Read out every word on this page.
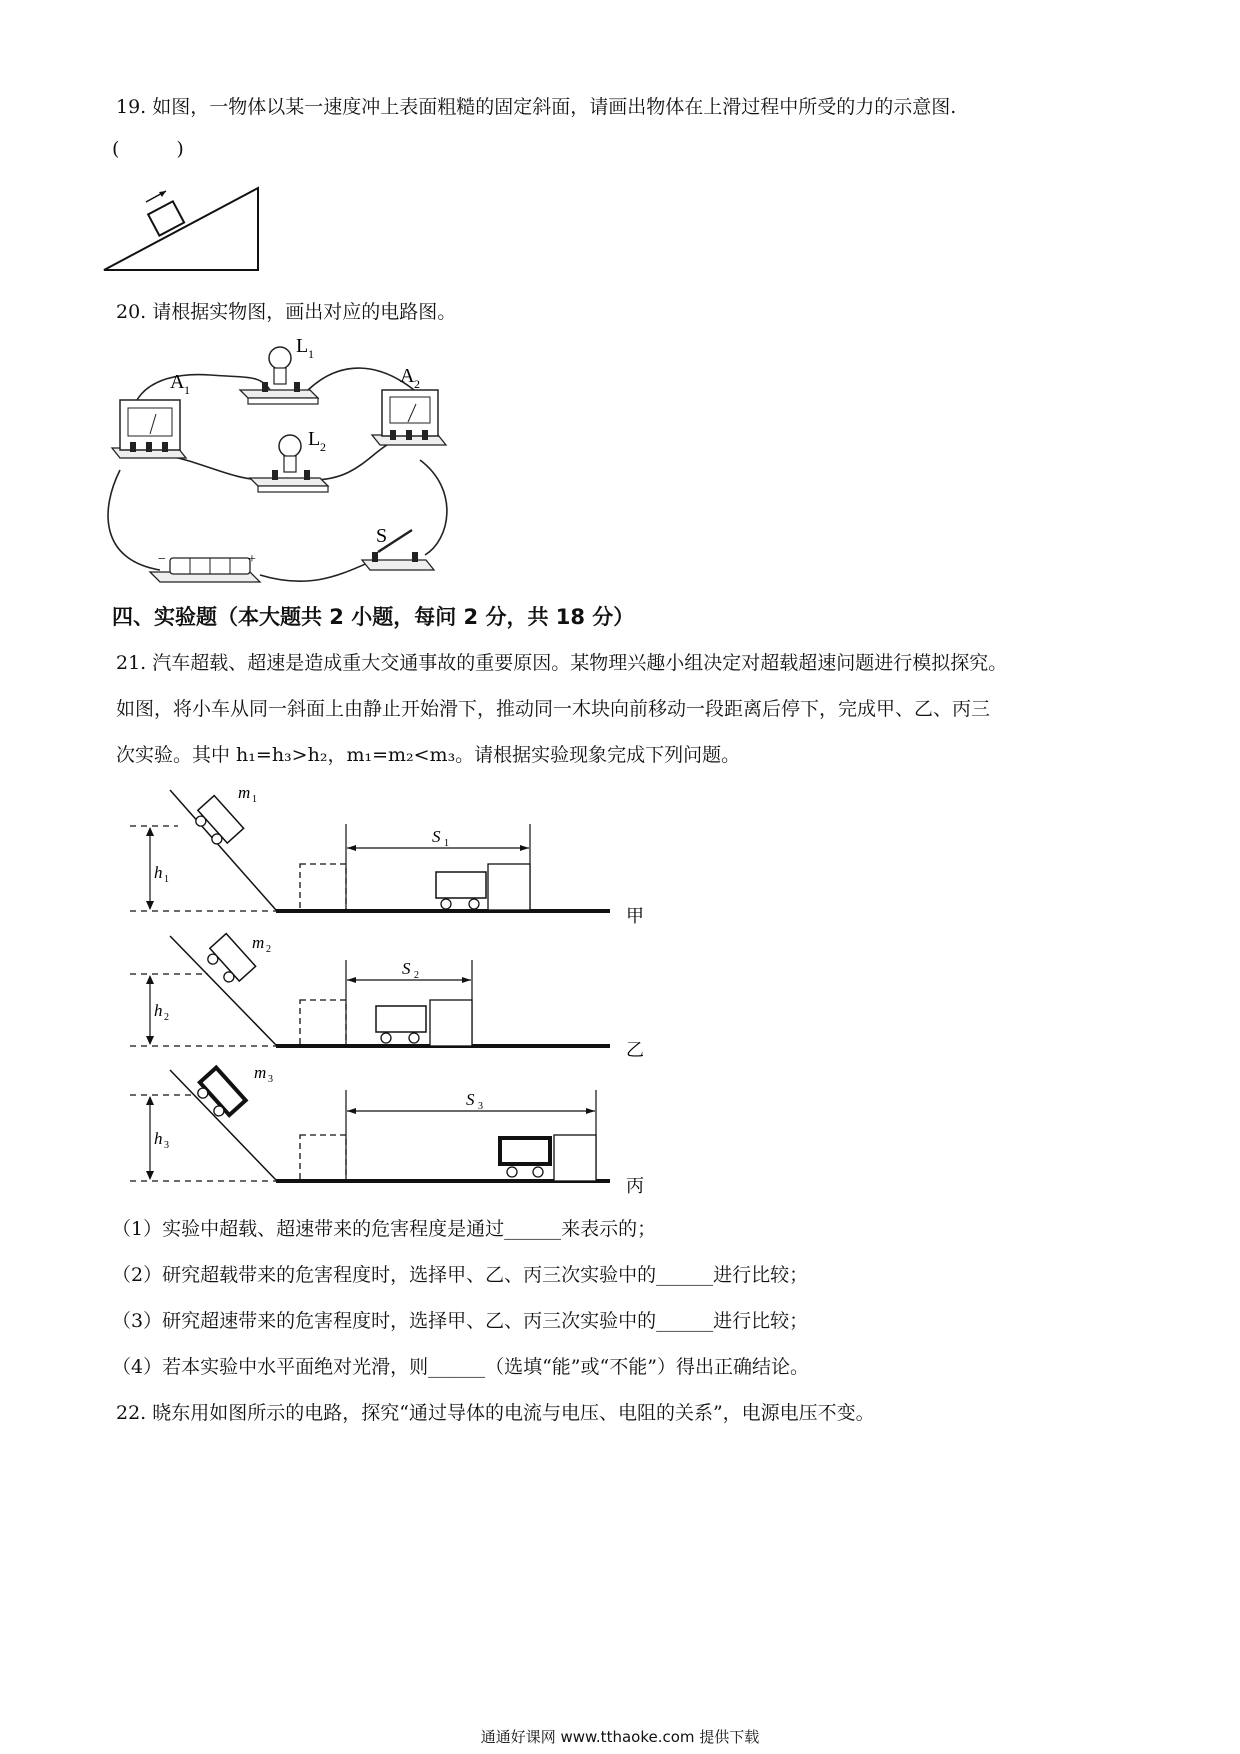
19. 如图，一物体以某一速度冲上表面粗糙的固定斜面，请画出物体在上滑过程中所受的力的示意图.
(　　　)
20. 请根据实物图，画出对应的电路图。
A 1
L 1
L 2
A 2
−	+
S
四、实验题（本大题共 2 小题，每问 2 分，共 18 分）
21. 汽车超载、超速是造成重大交通事故的重要原因。某物理兴趣小组决定对超载超速问题进行模拟探究。
如图，将小车从同一斜面上由静止开始滑下，推动同一木块向前移动一段距离后停下，完成甲、乙、丙三
次实验。其中 h₁=h₃>h₂，m₁=m₂<m₃。请根据实验现象完成下列问题。
m 1
h 1
S 1
甲
m 2
h 2
S 2
乙
m 3
h 3
S 3
丙
（1）实验中超载、超速带来的危害程度是通过______来表示的；
（2）研究超载带来的危害程度时，选择甲、乙、丙三次实验中的______进行比较；
（3）研究超速带来的危害程度时，选择甲、乙、丙三次实验中的______进行比较；
（4）若本实验中水平面绝对光滑，则______（选填“能”或“不能”）得出正确结论。
22. 晓东用如图所示的电路，探究“通过导体的电流与电压、电阻的关系”，电源电压不变。
通通好课网 www.tthaoke.com 提供下载
